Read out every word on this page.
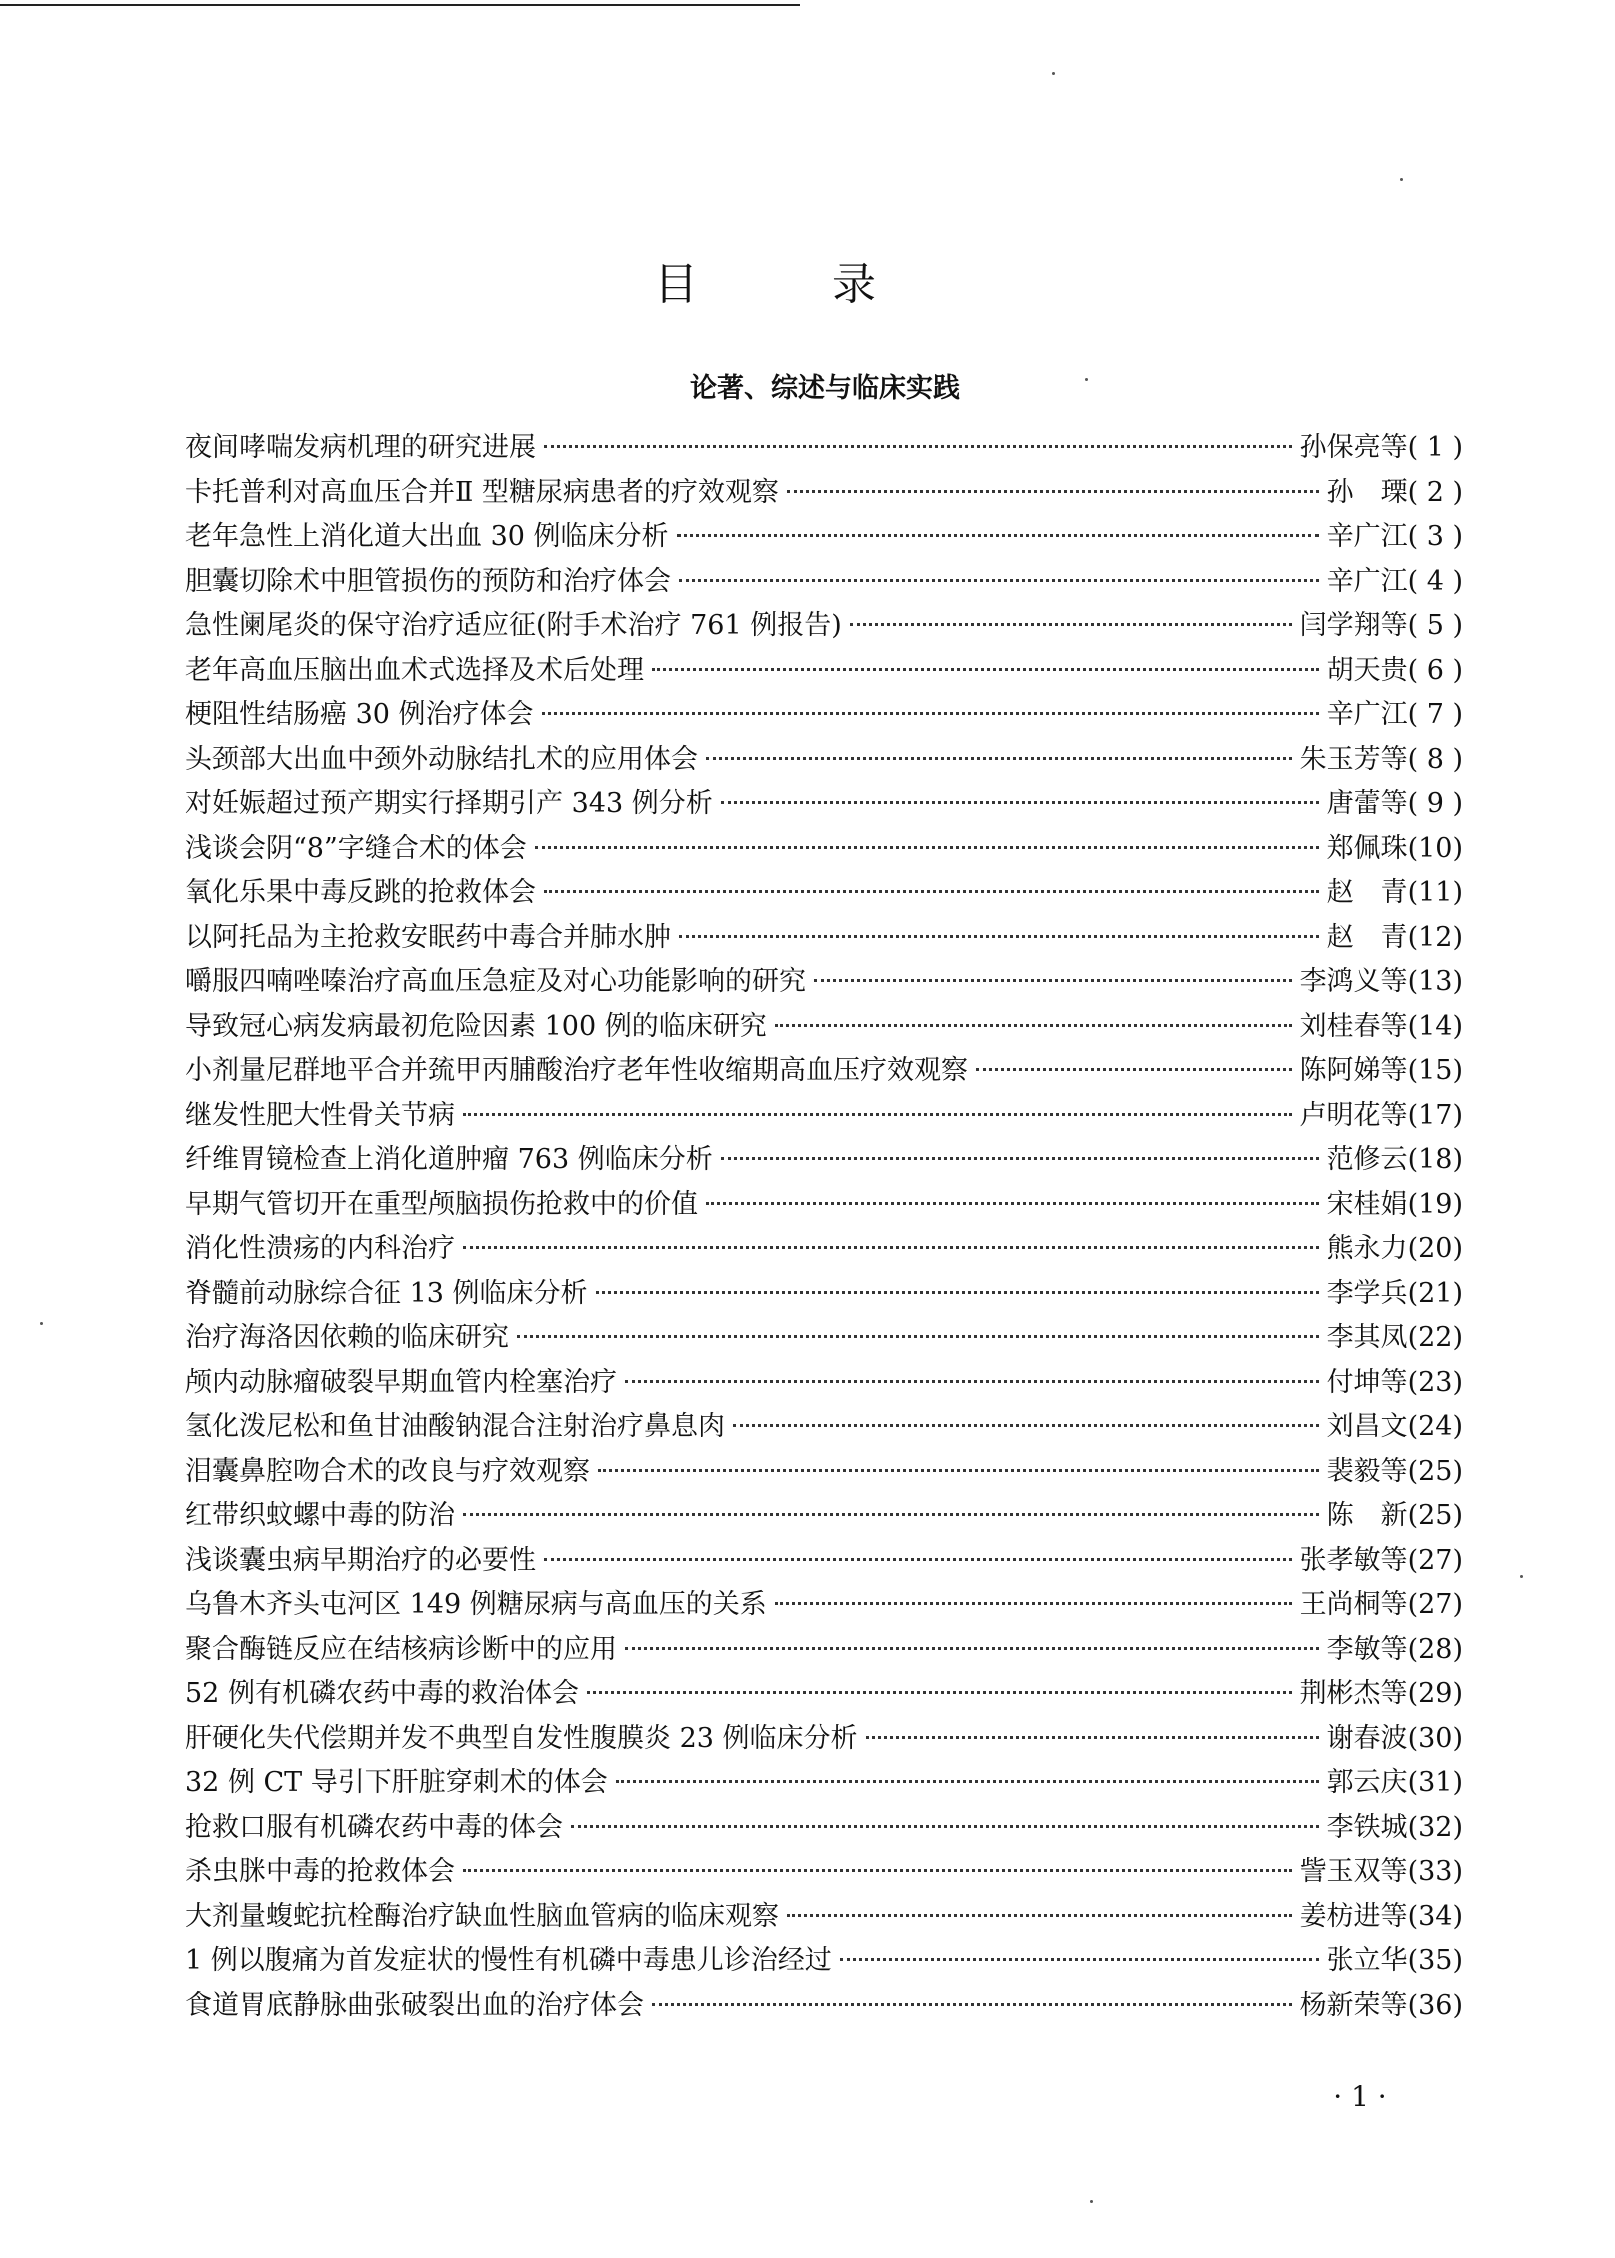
目 录
论著、综述与临床实践
夜间哮喘发病机理的研究进展	孙保亮等 ( 1 )
卡托普利对高血压合并Ⅱ 型糖尿病患者的疗效观察	孙　瑮 ( 2 )
老年急性上消化道大出血 30 例临床分析	辛广江 ( 3 )
胆囊切除术中胆管损伤的预防和治疗体会	辛广江 ( 4 )
急性阑尾炎的保守治疗适应征(附手术治疗 761 例报告)	闫学翔等 ( 5 )
老年高血压脑出血术式选择及术后处理	胡天贵 ( 6 )
梗阻性结肠癌 30 例治疗体会	辛广江 ( 7 )
头颈部大出血中颈外动脉结扎术的应用体会	朱玉芳等 ( 8 )
对妊娠超过预产期实行择期引产 343 例分析	唐蕾等 ( 9 )
浅谈会阴“8”字缝合术的体会	郑佩珠 (10)
氧化乐果中毒反跳的抢救体会	赵　青 (11)
以阿托品为主抢救安眠药中毒合并肺水肿	赵　青 (12)
嚼服四喃唑嗪治疗高血压急症及对心功能影响的研究	李鸿义等 (13)
导致冠心病发病最初危险因素 100 例的临床研究	刘桂春等 (14)
小剂量尼群地平合并巯甲丙脯酸治疗老年性收缩期高血压疗效观察	陈阿娣等 (15)
继发性肥大性骨关节病	卢明花等 (17)
纤维胃镜检查上消化道肿瘤 763 例临床分析	范修云 (18)
早期气管切开在重型颅脑损伤抢救中的价值	宋桂娟 (19)
消化性溃疡的内科治疗	熊永力 (20)
脊髓前动脉综合征 13 例临床分析	李学兵 (21)
治疗海洛因依赖的临床研究	李其凤 (22)
颅内动脉瘤破裂早期血管内栓塞治疗	付坤等 (23)
氢化泼尼松和鱼甘油酸钠混合注射治疗鼻息肉	刘昌文 (24)
泪囊鼻腔吻合术的改良与疗效观察	裴毅等 (25)
红带织蚊螺中毒的防治	陈　新 (25)
浅谈囊虫病早期治疗的必要性	张孝敏等 (27)
乌鲁木齐头屯河区 149 例糖尿病与高血压的关系	王尚桐等 (27)
聚合酶链反应在结核病诊断中的应用	李敏等 (28)
52 例有机磷农药中毒的救治体会	荆彬杰等 (29)
肝硬化失代偿期并发不典型自发性腹膜炎 23 例临床分析	谢春波 (30)
32 例 CT 导引下肝脏穿刺术的体会	郭云庆 (31)
抢救口服有机磷农药中毒的体会	李铁城 (32)
杀虫脒中毒的抢救体会	訾玉双等 (33)
大剂量蝮蛇抗栓酶治疗缺血性脑血管病的临床观察	姜枋进等 (34)
1 例以腹痛为首发症状的慢性有机磷中毒患儿诊治经过	张立华 (35)
食道胃底静脉曲张破裂出血的治疗体会	杨新荣等 (36)
· 1 ·
